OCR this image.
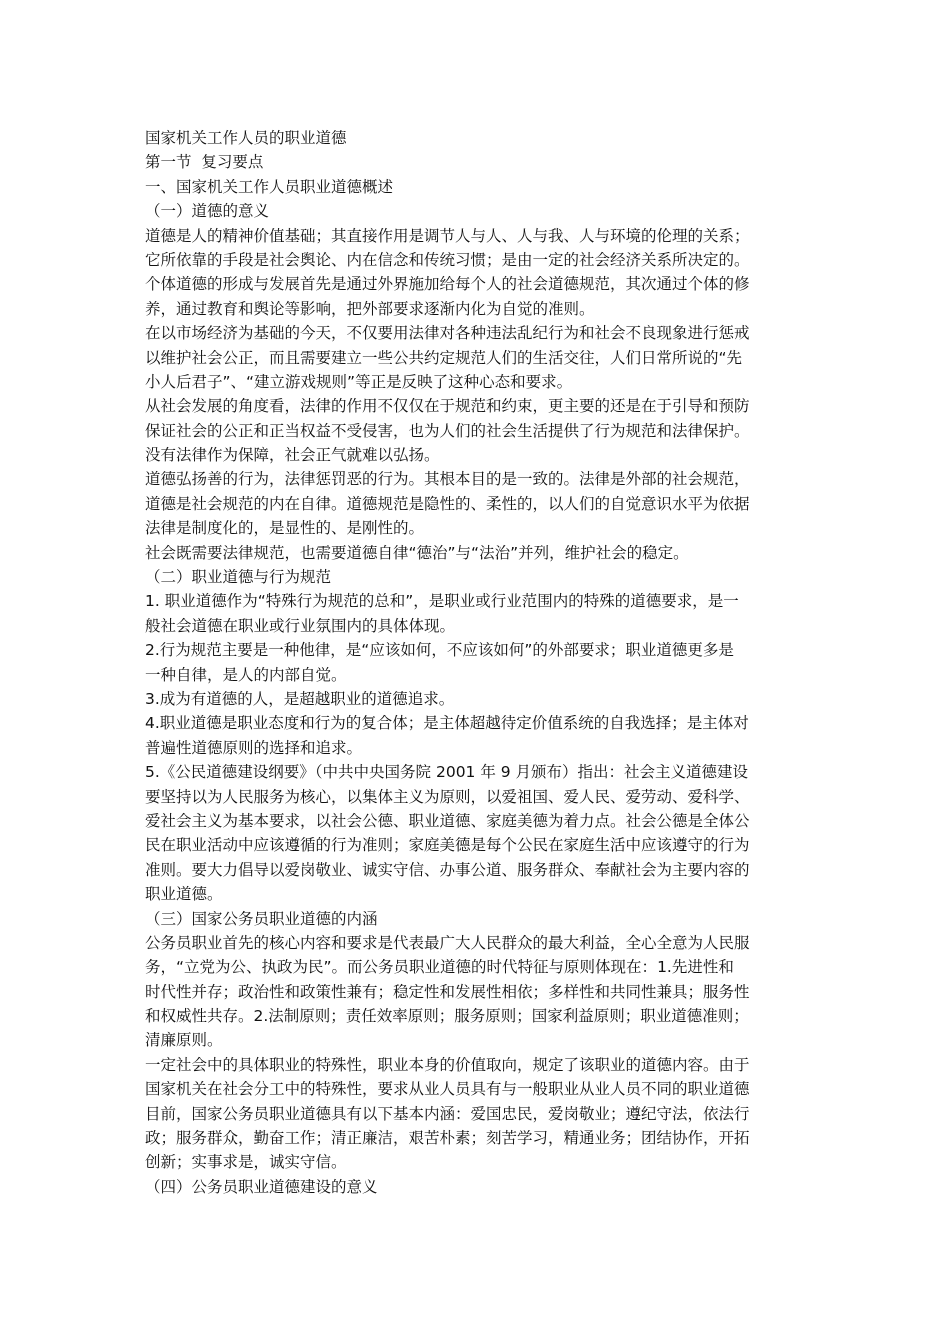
国家机关工作人员的职业道德
第一节  复习要点
一、国家机关工作人员职业道德概述
（一）道德的意义
道德是人的精神价值基础；其直接作用是调节人与人、人与我、人与环境的伦理的关系；
它所依靠的手段是社会舆论、内在信念和传统习惯；是由一定的社会经济关系所决定的。
个体道德的形成与发展首先是通过外界施加给每个人的社会道德规范，其次通过个体的修
养，通过教育和舆论等影响，把外部要求逐渐内化为自觉的准则。
在以市场经济为基础的今天，不仅要用法律对各种违法乱纪行为和社会不良现象进行惩戒
以维护社会公正，而且需要建立一些公共约定规范人们的生活交往，人们日常所说的“先
小人后君子”、“建立游戏规则”等正是反映了这种心态和要求。
从社会发展的角度看，法律的作用不仅仅在于规范和约束，更主要的还是在于引导和预防
保证社会的公正和正当权益不受侵害，也为人们的社会生活提供了行为规范和法律保护。
没有法律作为保障，社会正气就难以弘扬。
道德弘扬善的行为，法律惩罚恶的行为。其根本目的是一致的。法律是外部的社会规范，
道德是社会规范的内在自律。道德规范是隐性的、柔性的，以人们的自觉意识水平为依据
法律是制度化的，是显性的、是刚性的。
社会既需要法律规范，也需要道德自律“德治”与“法治”并列，维护社会的稳定。
（二）职业道德与行为规范
1. 职业道德作为“特殊行为规范的总和”，是职业或行业范围内的特殊的道德要求，是一
般社会道德在职业或行业氛围内的具体体现。
2.行为规范主要是一种他律，是“应该如何，不应该如何”的外部要求；职业道德更多是
一种自律，是人的内部自觉。
3.成为有道德的人，是超越职业的道德追求。
4.职业道德是职业态度和行为的复合体；是主体超越待定价值系统的自我选择；是主体对
普遍性道德原则的选择和追求。
5.《公民道德建设纲要》（中共中央国务院 2001 年 9 月颁布）指出：社会主义道德建设
要坚持以为人民服务为核心，以集体主义为原则，以爱祖国、爱人民、爱劳动、爱科学、
爱社会主义为基本要求，以社会公德、职业道德、家庭美德为着力点。社会公德是全体公
民在职业活动中应该遵循的行为准则；家庭美德是每个公民在家庭生活中应该遵守的行为
准则。要大力倡导以爱岗敬业、诚实守信、办事公道、服务群众、奉献社会为主要内容的
职业道德。
（三）国家公务员职业道德的内涵
公务员职业首先的核心内容和要求是代表最广大人民群众的最大利益，全心全意为人民服
务，“立党为公、执政为民”。而公务员职业道德的时代特征与原则体现在：1.先进性和
时代性并存；政治性和政策性兼有；稳定性和发展性相依；多样性和共同性兼具；服务性
和权威性共存。2.法制原则；责任效率原则；服务原则；国家利益原则；职业道德准则；
清廉原则。
一定社会中的具体职业的特殊性，职业本身的价值取向，规定了该职业的道德内容。由于
国家机关在社会分工中的特殊性，要求从业人员具有与一般职业从业人员不同的职业道德
目前，国家公务员职业道德具有以下基本内涵：爱国忠民，爱岗敬业；遵纪守法，依法行
政；服务群众，勤奋工作；清正廉洁，艰苦朴素；刻苦学习，精通业务；团结协作，开拓
创新；实事求是，诚实守信。
（四）公务员职业道德建设的意义
